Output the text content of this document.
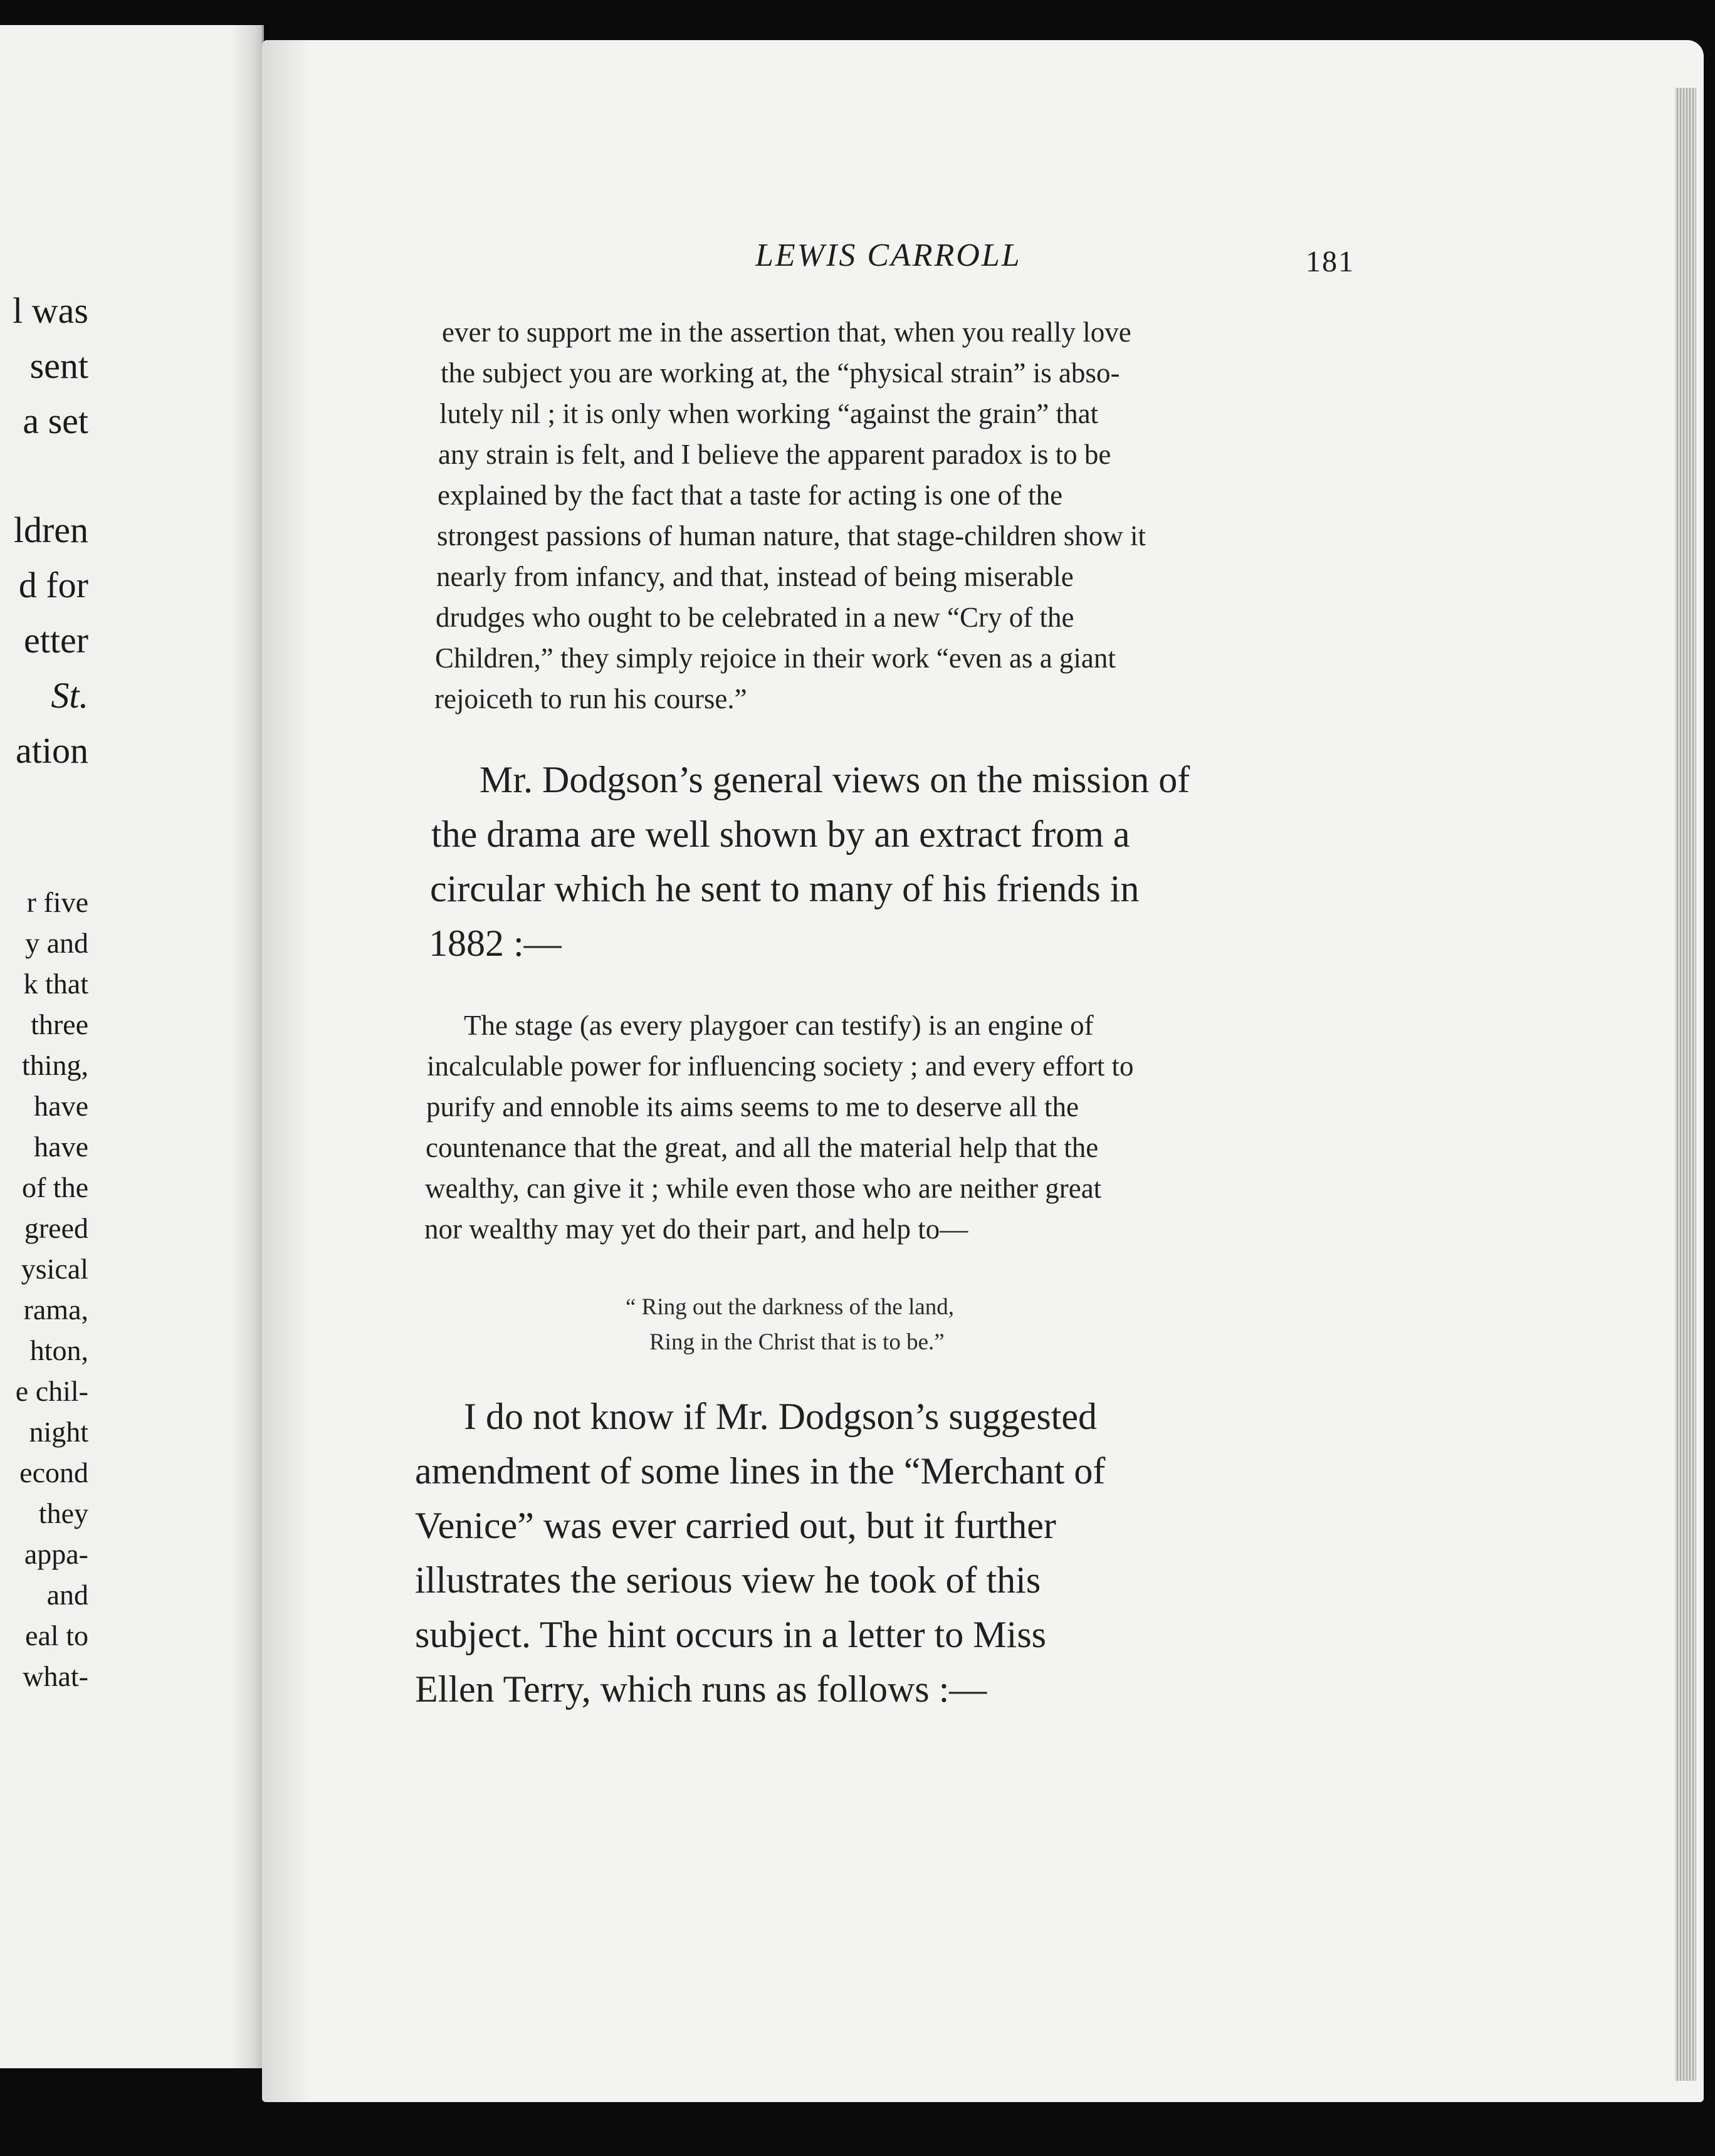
l was
sent
a set
ldren
d for
etter
St.
ation
r five
y and
k that
three
thing,
have
have
of the
greed
ysical
rama,
hton,
e chil-
night
econd
they
appa-
and
eal to
what-
LEWIS CARROLL	181
ever to support me in the assertion that, when you really love
the subject you are working at, the “physical strain” is abso-
lutely nil ; it is only when working “against the grain” that
any strain is felt, and I believe the apparent paradox is to be
explained by the fact that a taste for acting is one of the
strongest passions of human nature, that stage-children show it
nearly from infancy, and that, instead of being miserable
drudges who ought to be celebrated in a new “Cry of the
Children,” they simply rejoice in their work “even as a giant
rejoiceth to run his course.”
Mr. Dodgson’s general views on the mission of
the drama are well shown by an extract from a
circular which he sent to many of his friends in
1882 :—
The stage (as every playgoer can testify) is an engine of
incalculable power for influencing society ; and every effort to
purify and ennoble its aims seems to me to deserve all the
countenance that the great, and all the material help that the
wealthy, can give it ; while even those who are neither great
nor wealthy may yet do their part, and help to—
“ Ring out the darkness of the land,
Ring in the Christ that is to be.”
I do not know if Mr. Dodgson’s suggested
amendment of some lines in the “Merchant of
Venice” was ever carried out, but it further
illustrates the serious view he took of this
subject. The hint occurs in a letter to Miss
Ellen Terry, which runs as follows :—
